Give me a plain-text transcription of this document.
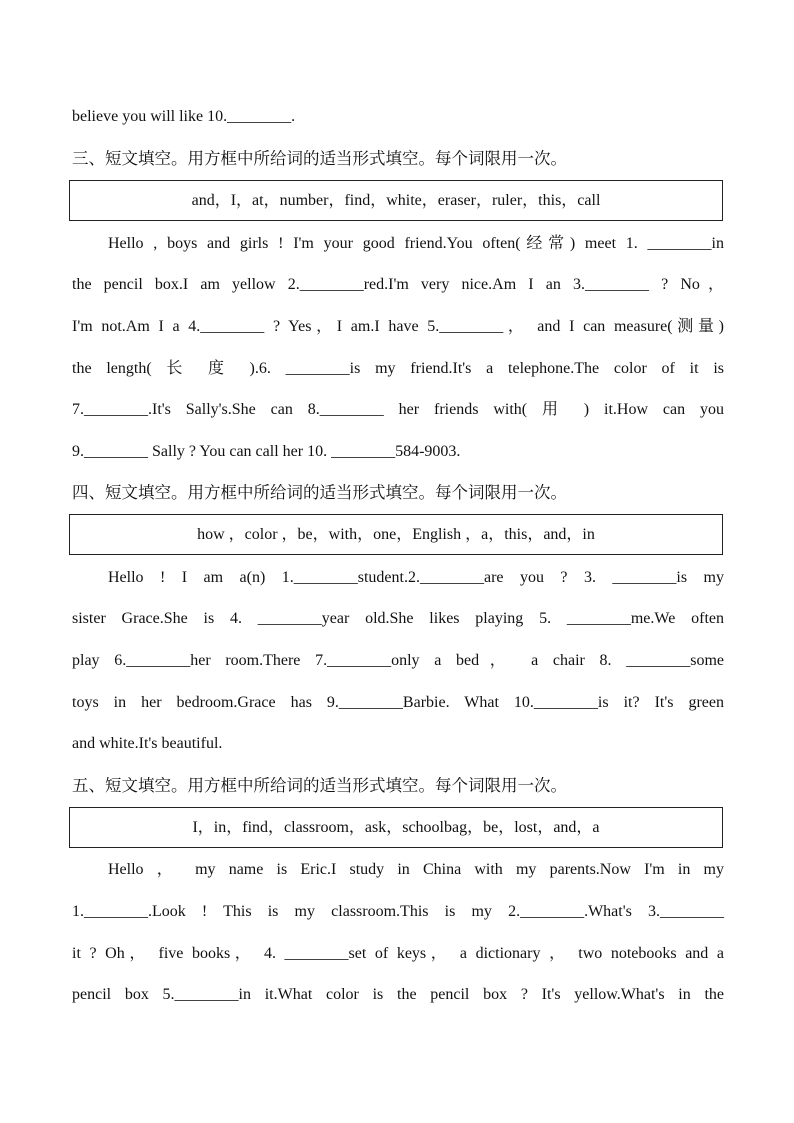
believe you will like 10.________.
三、短文填空。用方框中所给词的适当形式填空。每个词限用一次。
and，I，at，number，find，white，eraser，ruler，this，call
Hello , boys and girls ! I'm your good friend.You often(经常) meet 1. ________in
the pencil box.I am yellow 2.________red.I'm very nice.Am I an 3.________ ? No，
I'm not.Am I a 4.________ ? Yes，I am.I have 5.________， and I can measure(测量)
the length( 长 度 ).6. ________is my friend.It's a telephone.The color of it is
7.________.It's Sally's.She can 8.________ her friends with( 用 ) it.How can you
9.________ Sally ? You can call her 10. ________584-9003.
四、短文填空。用方框中所给词的适当形式填空。每个词限用一次。
how ，color ，be，with，one，English ，a，this，and，in
Hello ! I am a(n) 1.________student.2.________are you ? 3. ________is my
sister Grace.She is 4. ________year old.She likes playing 5. ________me.We often
play 6.________her room.There 7.________only a bed， a chair 8. ________some
toys in her bedroom.Grace has 9.________Barbie. What 10.________is it? It's green
and white.It's beautiful.
五、短文填空。用方框中所给词的适当形式填空。每个词限用一次。
I，in，find，classroom，ask，schoolbag，be，lost，and，a
Hello ， my name is Eric.I study in China with my parents.Now I'm in my
1.________.Look ! This is my classroom.This is my 2.________.What's 3.________
it ? Oh， five books， 4. ________set of keys， a dictionary ， two notebooks and a
pencil box 5.________in it.What color is the pencil box ? It's yellow.What's in the
